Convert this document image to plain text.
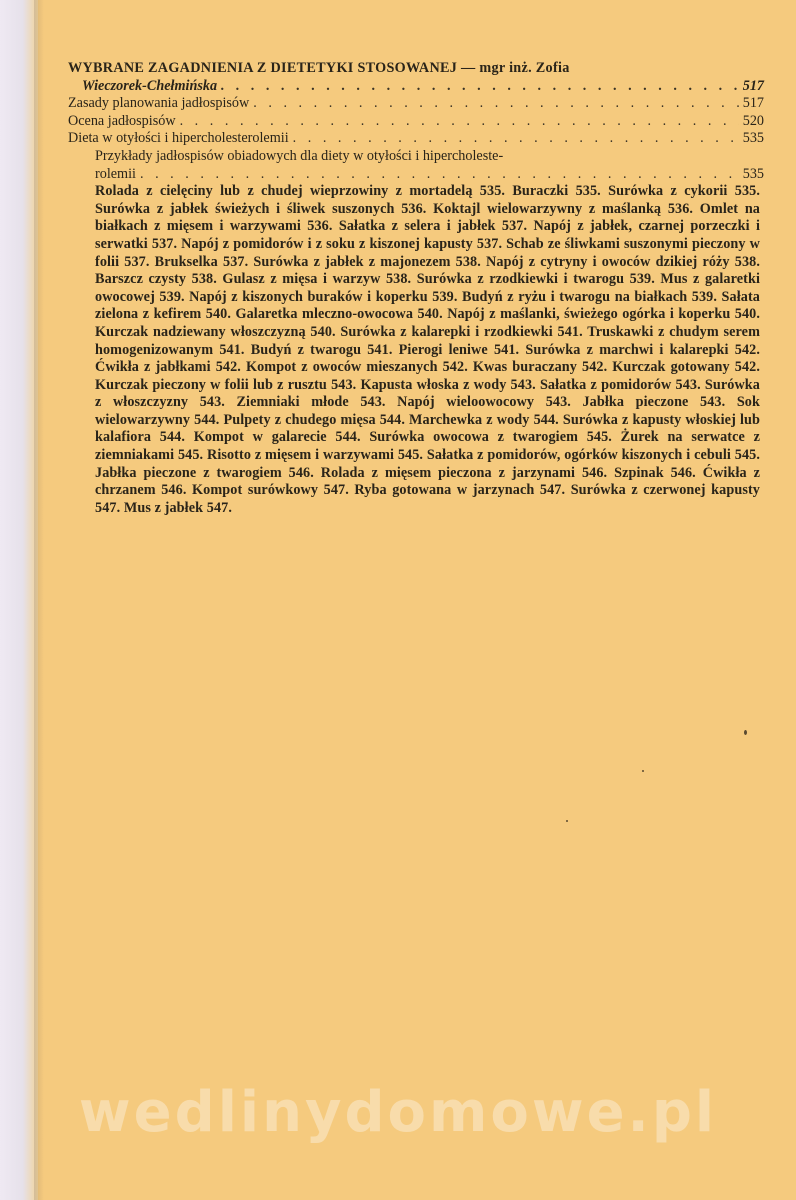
WYBRANE ZAGADNIENIA Z DIETETYKI STOSOWANEJ — mgr inż. Zofia
Wieczorek-Chełmińska . . .	517
Zasady planowania jadłospisów . . .	517
Ocena jadłospisów . . .	520
Dieta w otyłości i hipercholesterolemii . . .	535
Przykłady jadłospisów obiadowych dla diety w otyłości i hipercholeste-
rolemii . . .	535
Rolada z cielęciny lub z chudej wieprzowiny z mortadelą 535. Buraczki 535. Surówka z cykorii 535. Surówka z jabłek świeżych i śliwek suszonych 536. Koktajl wielowarzywny z maślanką 536. Omlet na białkach z mięsem i warzywami 536. Sałatka z selera i jabłek 537. Napój z jabłek, czarnej porzeczki i serwatki 537. Napój z pomidorów i z soku z kiszonej kapusty 537. Schab ze śliwkami suszonymi pieczony w folii 537. Brukselka 537. Surówka z jabłek z majonezem 538. Napój z cytryny i owoców dzikiej róży 538. Barszcz czysty 538. Gulasz z mięsa i warzyw 538. Surówka z rzodkiewki i twarogu 539. Mus z galaretki owocowej 539. Napój z kiszonych buraków i koperku 539. Budyń z ryżu i twarogu na białkach 539. Sałata zielona z kefirem 540. Galaretka mleczno-owocowa 540. Napój z maślanki, świeżego ogórka i koperku 540. Kurczak nadziewany włoszczyzną 540. Surówka z kalarepki i rzodkiewki 541. Truskawki z chudym serem homogenizowanym 541. Budyń z twarogu 541. Pierogi leniwe 541. Surówka z marchwi i kalarepki 542. Ćwikła z jabłkami 542. Kompot z owoców mieszanych 542. Kwas buraczany 542. Kurczak gotowany 542. Kurczak pieczony w folii lub z rusztu 543. Kapusta włoska z wody 543. Sałatka z pomidorów 543. Surówka z włoszczyzny 543. Ziemniaki młode 543. Napój wieloowocowy 543. Jabłka pieczone 543. Sok wielowarzywny 544. Pulpety z chudego mięsa 544. Marchewka z wody 544. Surówka z kapusty włoskiej lub kalafiora 544. Kompot w galarecie 544. Surówka owocowa z twarogiem 545. Żurek na serwatce z ziemniakami 545. Risotto z mięsem i warzywami 545. Sałatka z pomidorów, ogórków kiszonych i cebuli 545. Jabłka pieczone z twarogiem 546. Rolada z mięsem pieczona z jarzynami 546. Szpinak 546. Ćwikła z chrzanem 546. Kompot surówkowy 547. Ryba gotowana w jarzynach 547. Surówka z czerwonej kapusty 547. Mus z jabłek 547.
wedlinydomowe.pl
